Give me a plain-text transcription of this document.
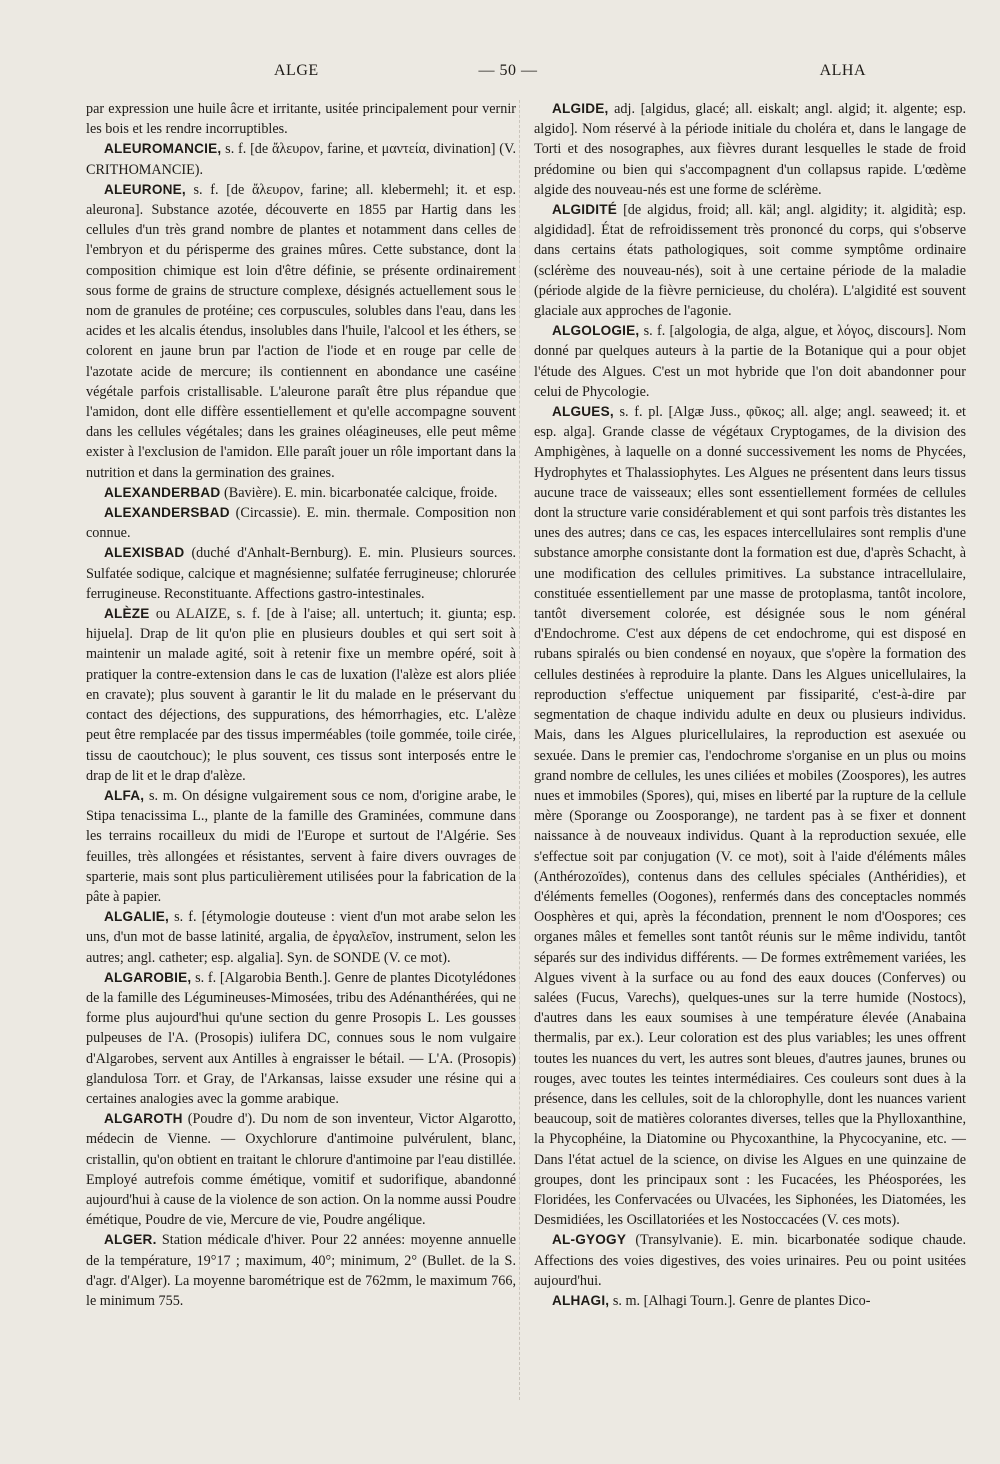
ALGE	— 50 —	ALHA

par expression une huile âcre et irritante, usitée principalement pour vernir les bois et les rendre incorruptibles.

ALEUROMANCIE, s. f. [de ἄλευρον, farine, et μαντεία, divination] (V. CRITHOMANCIE).

ALEURONE, s. f. [de ἄλευρον, farine; all. klebermehl; it. et esp. aleurona]. Substance azotée, découverte en 1855 par Hartig dans les cellules d'un très grand nombre de plantes et notamment dans celles de l'embryon et du périsperme des graines mûres. Cette substance, dont la composition chimique est loin d'être définie, se présente ordinairement sous forme de grains de structure complexe, désignés actuellement sous le nom de granules de protéine; ces corpuscules, solubles dans l'eau, dans les acides et les alcalis étendus, insolubles dans l'huile, l'alcool et les éthers, se colorent en jaune brun par l'action de l'iode et en rouge par celle de l'azotate acide de mercure; ils contiennent en abondance une caséine végétale parfois cristallisable. L'aleurone paraît être plus répandue que l'amidon, dont elle diffère essentiellement et qu'elle accompagne souvent dans les cellules végétales; dans les graines oléagineuses, elle peut même exister à l'exclusion de l'amidon. Elle paraît jouer un rôle important dans la nutrition et dans la germination des graines.

ALEXANDERBAD (Bavière). E. min. bicarbonatée calcique, froide.

ALEXANDERSBAD (Circassie). E. min. thermale. Composition non connue.

ALEXISBAD (duché d'Anhalt-Bernburg). E. min. Plusieurs sources. Sulfatée sodique, calcique et magnésienne; sulfatée ferrugineuse; chlorurée ferrugineuse. Reconstituante. Affections gastro-intestinales.

ALÈZE ou ALAIZE, s. f. [de à l'aise; all. untertuch; it. giunta; esp. hijuela]. Drap de lit qu'on plie en plusieurs doubles et qui sert soit à maintenir un malade agité, soit à retenir fixe un membre opéré, soit à pratiquer la contre-extension dans le cas de luxation (l'alèze est alors pliée en cravate); plus souvent à garantir le lit du malade en le préservant du contact des déjections, des suppurations, des hémorrhagies, etc. L'alèze peut être remplacée par des tissus imperméables (toile gommée, toile cirée, tissu de caoutchouc); le plus souvent, ces tissus sont interposés entre le drap de lit et le drap d'alèze.

ALFA, s. m. On désigne vulgairement sous ce nom, d'origine arabe, le Stipa tenacissima L., plante de la famille des Graminées, commune dans les terrains rocailleux du midi de l'Europe et surtout de l'Algérie. Ses feuilles, très allongées et résistantes, servent à faire divers ouvrages de sparterie, mais sont plus particulièrement utilisées pour la fabrication de la pâte à papier.

ALGALIE, s. f. [étymologie douteuse : vient d'un mot arabe selon les uns, d'un mot de basse latinité, argalia, de ἐργαλεῖον, instrument, selon les autres; angl. catheter; esp. algalia]. Syn. de SONDE (V. ce mot).

ALGAROBIE, s. f. [Algarobia Benth.]. Genre de plantes Dicotylédones de la famille des Légumineuses-Mimosées, tribu des Adénanthérées, qui ne forme plus aujourd'hui qu'une section du genre Prosopis L. Les gousses pulpeuses de l'A. (Prosopis) iulifera DC, connues sous le nom vulgaire d'Algarobes, servent aux Antilles à engraisser le bétail. — L'A. (Prosopis) glandulosa Torr. et Gray, de l'Arkansas, laisse exsuder une résine qui a certaines analogies avec la gomme arabique.

ALGAROTH (Poudre d'). Du nom de son inventeur, Victor Algarotto, médecin de Vienne. — Oxychlorure d'antimoine pulvérulent, blanc, cristallin, qu'on obtient en traitant le chlorure d'antimoine par l'eau distillée. Employé autrefois comme émétique, vomitif et sudorifique, abandonné aujourd'hui à cause de la violence de son action. On la nomme aussi Poudre émétique, Poudre de vie, Mercure de vie, Poudre angélique.

ALGER. Station médicale d'hiver. Pour 22 années: moyenne annuelle de la température, 19°17 ; maximum, 40°; minimum, 2° (Bullet. de la S. d'agr. d'Alger). La moyenne barométrique est de 762mm, le maximum 766, le minimum 755.

ALGIDE, adj. [algidus, glacé; all. eiskalt; angl. algid; it. algente; esp. algido]. Nom réservé à la période initiale du choléra et, dans le langage de Torti et des nosographes, aux fièvres durant lesquelles le stade de froid prédomine ou bien qui s'accompagnent d'un collapsus rapide. L'œdème algide des nouveau-nés est une forme de sclérème.

ALGIDITÉ [de algidus, froid; all. käl; angl. algidity; it. algidità; esp. algididad]. État de refroidissement très prononcé du corps, qui s'observe dans certains états pathologiques, soit comme symptôme ordinaire (sclérème des nouveau-nés), soit à une certaine période de la maladie (période algide de la fièvre pernicieuse, du choléra). L'algidité est souvent glaciale aux approches de l'agonie.

ALGOLOGIE, s. f. [algologia, de alga, algue, et λόγος, discours]. Nom donné par quelques auteurs à la partie de la Botanique qui a pour objet l'étude des Algues. C'est un mot hybride que l'on doit abandonner pour celui de Phycologie.

ALGUES, s. f. pl. [Algæ Juss., φῦκος; all. alge; angl. seaweed; it. et esp. alga]. Grande classe de végétaux Cryptogames, de la division des Amphigènes, à laquelle on a donné successivement les noms de Phycées, Hydrophytes et Thalassiophytes. Les Algues ne présentent dans leurs tissus aucune trace de vaisseaux; elles sont essentiellement formées de cellules dont la structure varie considérablement et qui sont parfois très distantes les unes des autres; dans ce cas, les espaces intercellulaires sont remplis d'une substance amorphe consistante dont la formation est due, d'après Schacht, à une modification des cellules primitives. La substance intracellulaire, constituée essentiellement par une masse de protoplasma, tantôt incolore, tantôt diversement colorée, est désignée sous le nom général d'Endochrome. C'est aux dépens de cet endochrome, qui est disposé en rubans spiralés ou bien condensé en noyaux, que s'opère la formation des cellules destinées à reproduire la plante. Dans les Algues unicellulaires, la reproduction s'effectue uniquement par fissiparité, c'est-à-dire par segmentation de chaque individu adulte en deux ou plusieurs individus. Mais, dans les Algues pluricellulaires, la reproduction est asexuée ou sexuée. Dans le premier cas, l'endochrome s'organise en un plus ou moins grand nombre de cellules, les unes ciliées et mobiles (Zoospores), les autres nues et immobiles (Spores), qui, mises en liberté par la rupture de la cellule mère (Sporange ou Zoosporange), ne tardent pas à se fixer et donnent naissance à de nouveaux individus. Quant à la reproduction sexuée, elle s'effectue soit par conjugation (V. ce mot), soit à l'aide d'éléments mâles (Anthérozoïdes), contenus dans des cellules spéciales (Anthéridies), et d'éléments femelles (Oogones), renfermés dans des conceptacles nommés Oosphères et qui, après la fécondation, prennent le nom d'Oospores; ces organes mâles et femelles sont tantôt réunis sur le même individu, tantôt séparés sur des individus différents. — De formes extrêmement variées, les Algues vivent à la surface ou au fond des eaux douces (Conferves) ou salées (Fucus, Varechs), quelques-unes sur la terre humide (Nostocs), d'autres dans les eaux soumises à une température élevée (Anabaina thermalis, par ex.). Leur coloration est des plus variables; les unes offrent toutes les nuances du vert, les autres sont bleues, d'autres jaunes, brunes ou rouges, avec toutes les teintes intermédiaires. Ces couleurs sont dues à la présence, dans les cellules, soit de la chlorophylle, dont les nuances varient beaucoup, soit de matières colorantes diverses, telles que la Phylloxanthine, la Phycophéine, la Diatomine ou Phycoxanthine, la Phycocyanine, etc. — Dans l'état actuel de la science, on divise les Algues en une quinzaine de groupes, dont les principaux sont : les Fucacées, les Phéosporées, les Floridées, les Confervacées ou Ulvacées, les Siphonées, les Diatomées, les Desmidiées, les Oscillatoriées et les Nostoccacées (V. ces mots).

AL-GYOGY (Transylvanie). E. min. bicarbonatée sodique chaude. Affections des voies digestives, des voies urinaires. Peu ou point usitées aujourd'hui.

ALHAGI, s. m. [Alhagi Tourn.]. Genre de plantes Dico-
